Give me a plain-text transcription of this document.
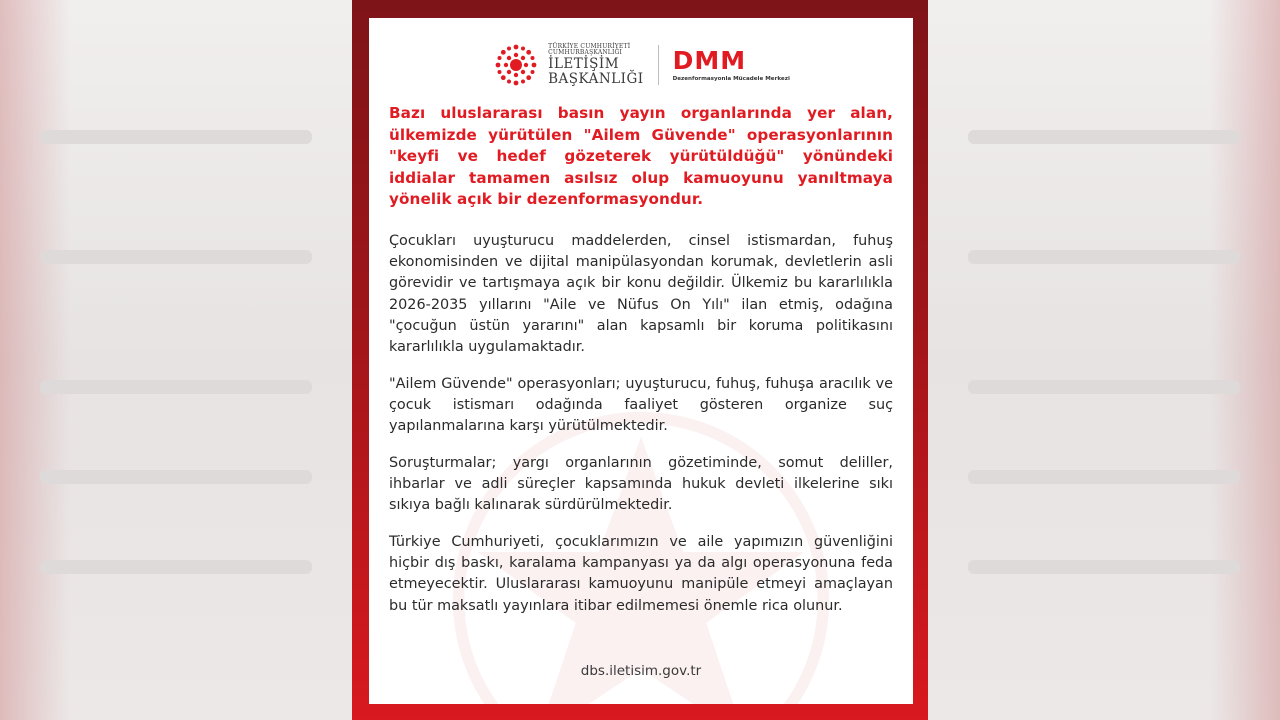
TÜRKİYE CUMHURİYETİ
CUMHURBAŞKANLIĞI
İLETİŞİM
BAŞKANLIĞI
DMM
Dezenformasyonla Mücadele Merkezi

Bazı uluslararası basın yayın organlarında yer alan, ülkemizde yürütülen "Ailem Güvende" operasyonlarının "keyfi ve hedef gözeterek yürütüldüğü" yönündeki iddialar tamamen asılsız olup kamuoyunu yanıltmaya yönelik açık bir dezenformasyondur.

Çocukları uyuşturucu maddelerden, cinsel istismardan, fuhuş ekonomisinden ve dijital manipülasyondan korumak, devletlerin asli görevidir ve tartışmaya açık bir konu değildir. Ülkemiz bu kararlılıkla 2026-2035 yıllarını "Aile ve Nüfus On Yılı" ilan etmiş, odağına "çocuğun üstün yararını" alan kapsamlı bir koruma politikasını kararlılıkla uygulamaktadır.

"Ailem Güvende" operasyonları; uyuşturucu, fuhuş, fuhuşa aracılık ve çocuk istismarı odağında faaliyet gösteren organize suç yapılanmalarına karşı yürütülmektedir.

Soruşturmalar; yargı organlarının gözetiminde, somut deliller, ihbarlar ve adli süreçler kapsamında hukuk devleti ilkelerine sıkı sıkıya bağlı kalınarak sürdürülmektedir.

Türkiye Cumhuriyeti, çocuklarımızın ve aile yapımızın güvenliğini hiçbir dış baskı, karalama kampanyası ya da algı operasyonuna feda etmeyecektir. Uluslararası kamuoyunu manipüle etmeyi amaçlayan bu tür maksatlı yayınlara itibar edilmemesi önemle rica olunur.

dbs.iletisim.gov.tr
